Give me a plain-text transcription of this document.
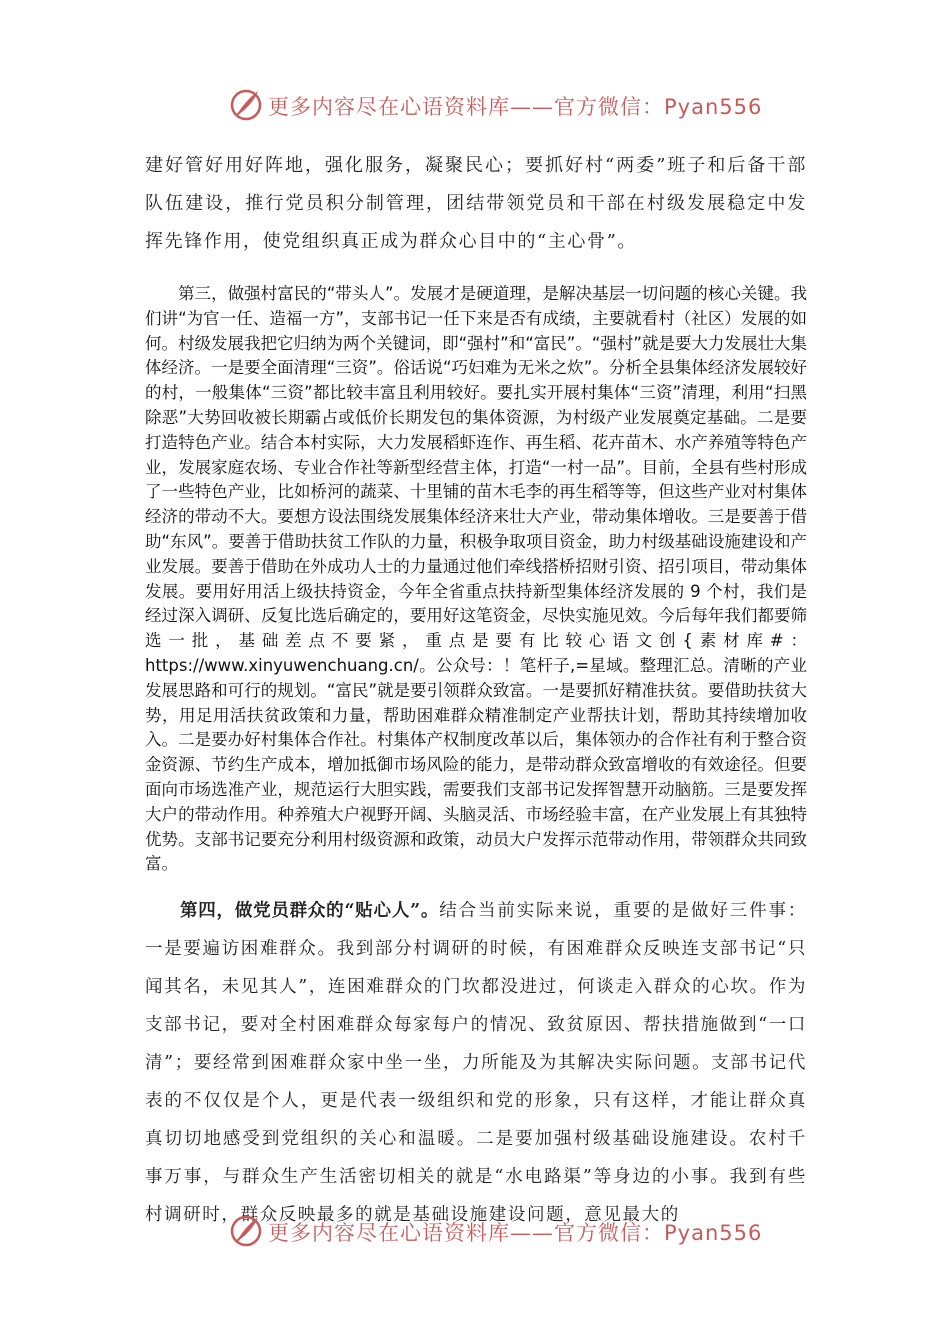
更多内容尽在心语资料库——官方微信：Pyan556

建好管好用好阵地，强化服务，凝聚民心；要抓好村“两委”班子和后备干部队伍建设，推行党员积分制管理，团结带领党员和干部在村级发展稳定中发挥先锋作用，使党组织真正成为群众心目中的“主心骨”。

第三，做强村富民的“带头人”。发展才是硬道理，是解决基层一切问题的核心关键。我们讲“为官一任、造福一方”，支部书记一任下来是否有成绩，主要就看村（社区）发展的如何。村级发展我把它归纳为两个关键词，即“强村”和“富民”。“强村”就是要大力发展壮大集体经济。一是要全面清理“三资”。俗话说“巧妇难为无米之炊”。分析全县集体经济发展较好的村，一般集体“三资”都比较丰富且利用较好。要扎实开展村集体“三资”清理，利用“扫黑除恶”大势回收被长期霸占或低价长期发包的集体资源，为村级产业发展奠定基础。二是要打造特色产业。结合本村实际，大力发展稻虾连作、再生稻、花卉苗木、水产养殖等特色产业，发展家庭农场、专业合作社等新型经营主体，打造“一村一品”。目前，全县有些村形成了一些特色产业，比如桥河的蔬菜、十里铺的苗木毛李的再生稻等等，但这些产业对村集体经济的带动不大。要想方设法围绕发展集体经济来壮大产业，带动集体增收。三是要善于借助“东风”。要善于借助扶贫工作队的力量，积极争取项目资金，助力村级基础设施建设和产业发展。要善于借助在外成功人士的力量通过他们牵线搭桥招财引资、招引项目，带动集体发展。要用好用活上级扶持资金，今年全省重点扶持新型集体经济发展的 9 个村，我们是经过深入调研、反复比选后确定的，要用好这笔资金，尽快实施见效。今后每年我们都要筛选一批，基础差点不要紧，重点是要有比较心语文创{素材库#：https://www.xinyuwenchuang.cn/。公众号：！笔杆子,=星域。整理汇总。清晰的产业发展思路和可行的规划。“富民”就是要引领群众致富。一是要抓好精准扶贫。要借助扶贫大势，用足用活扶贫政策和力量，帮助困难群众精准制定产业帮扶计划，帮助其持续增加收入。二是要办好村集体合作社。村集体产权制度改革以后，集体领办的合作社有利于整合资金资源、节约生产成本，增加抵御市场风险的能力，是带动群众致富增收的有效途径。但要面向市场选准产业，规范运行大胆实践，需要我们支部书记发挥智慧开动脑筋。三是要发挥大户的带动作用。种养殖大户视野开阔、头脑灵活、市场经验丰富，在产业发展上有其独特优势。支部书记要充分利用村级资源和政策，动员大户发挥示范带动作用，带领群众共同致富。

第四，做党员群众的“贴心人”。结合当前实际来说，重要的是做好三件事：一是要遍访困难群众。我到部分村调研的时候，有困难群众反映连支部书记“只闻其名，未见其人”，连困难群众的门坎都没进过，何谈走入群众的心坎。作为支部书记，要对全村困难群众每家每户的情况、致贫原因、帮扶措施做到“一口清”；要经常到困难群众家中坐一坐，力所能及为其解决实际问题。支部书记代表的不仅仅是个人，更是代表一级组织和党的形象，只有这样，才能让群众真真切切地感受到党组织的关心和温暖。二是要加强村级基础设施建设。农村千事万事，与群众生产生活密切相关的就是“水电路渠”等身边的小事。我到有些村调研时，群众反映最多的就是基础设施建设问题，意见最大的

更多内容尽在心语资料库——官方微信：Pyan556
